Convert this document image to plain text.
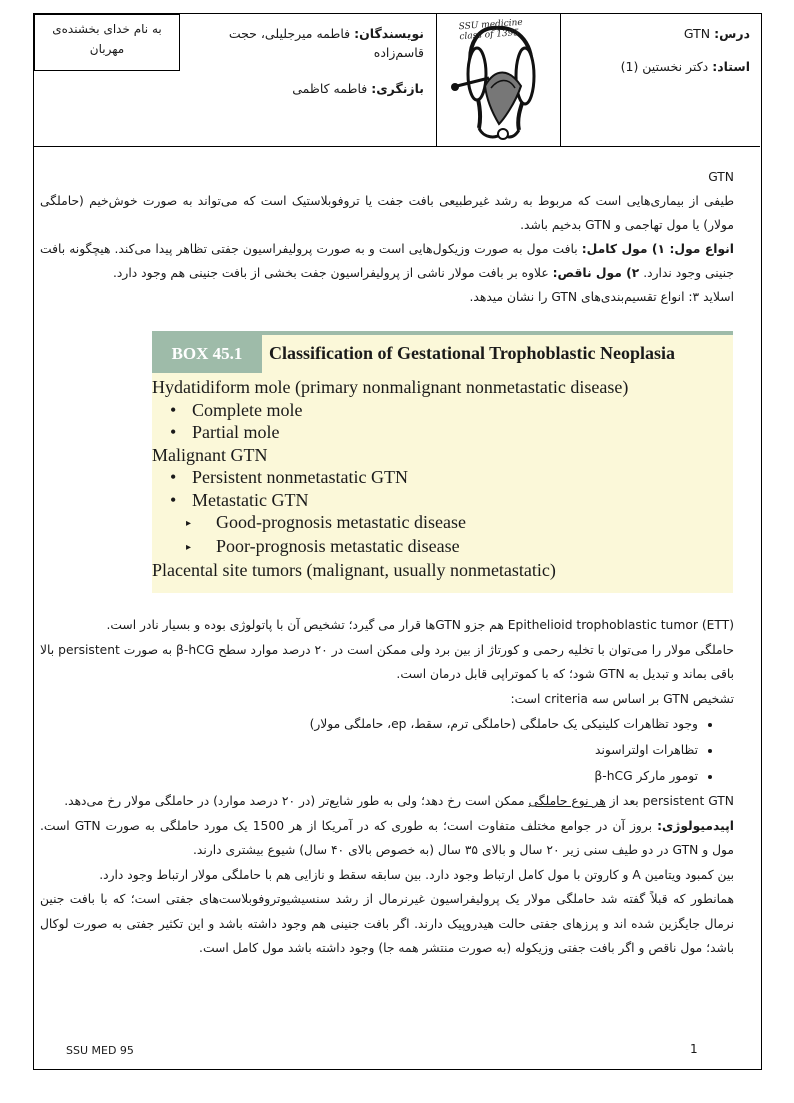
درس: GTN
استاد: دکتر نخستین (1)
SSU medicine
class of 1395
نویسندگان: فاطمه میرجلیلی، حجت قاسم‌زاده
بازنگری: فاطمه کاظمی
به نام خدای بخشنده‌ی مهربان

GTN

طیفی از بیماری‌هایی است که مربوط به رشد غیرطبیعی بافت جفت یا تروفوبلاستیک است که می‌تواند به صورت خوش‌خیم (حاملگی مولار) یا مول تهاجمی و GTN بدخیم باشد.

انواع مول: ۱) مول کامل: بافت مول به صورت وزیکول‌هایی است و به صورت پرولیفراسیون جفتی تظاهر پیدا می‌کند. هیچگونه بافت جنینی وجود ندارد. ۲) مول ناقص: علاوه بر بافت مولار ناشی از پرولیفراسیون جفت بخشی از بافت جنینی هم وجود دارد.

اسلاید ۳: انواع تقسیم‌بندی‌های GTN را نشان میدهد.

BOX 45.1	Classification of Gestational Trophoblastic Neoplasia
Hydatidiform mole (primary nonmalignant nonmetastatic disease)
• Complete mole
• Partial mole
Malignant GTN
• Persistent nonmetastatic GTN
• Metastatic GTN
▸ Good-prognosis metastatic disease
▸ Poor-prognosis metastatic disease
Placental site tumors (malignant, usually nonmetastatic)

Epithelioid trophoblastic tumor (ETT) هم جزو GTNها قرار می گیرد؛ تشخیص آن با پاتولوژی بوده و بسیار نادر است.

حاملگی مولار را می‌توان با تخلیه رحمی و کورتاژ از بین برد ولی ممکن است در ۲۰ درصد موارد سطح β-hCG به صورت persistent بالا باقی بماند و تبدیل به GTN شود؛ که با کموتراپی قابل درمان است.

تشخیص GTN بر اساس سه criteria است:

• وجود تظاهرات کلینیکی یک حاملگی (حاملگی ترم، سقط، ep، حاملگی مولار)
• تظاهرات اولتراسوند
• تومور مارکر β-hCG

persistent GTN بعد از هر نوع حاملگی ممکن است رخ دهد؛ ولی به طور شایع‌تر (در ۲۰ درصد موارد) در حاملگی مولار رخ می‌دهد.

اپیدمیولوژی: بروز آن در جوامع مختلف متفاوت است؛ به طوری که در آمریکا از هر 1500 یک مورد حاملگی به صورت GTN است. مول و GTN در دو طیف سنی زیر ۲۰ سال و بالای ۳۵ سال (به خصوص بالای ۴۰ سال) شیوع بیشتری دارند.

بین کمبود ویتامین A و کاروتن با مول کامل ارتباط وجود دارد. بین سابقه سقط و نازایی هم با حاملگی مولار ارتباط وجود دارد.

همانطور که قبلاً گفته شد حاملگی مولار یک پرولیفراسیون غیرنرمال از رشد سنسیشیوتروفوبلاست‌های جفتی است؛ که با بافت جنین نرمال جایگزین شده اند و پرزهای جفتی حالت هیدروپیک دارند. اگر بافت جنینی هم وجود داشته باشد و این تکثیر جفتی به صورت لوکال باشد؛ مول ناقص و اگر بافت جفتی وزیکوله (به صورت منتشر همه جا) وجود داشته باشد مول کامل است.

SSU MED 95	1
